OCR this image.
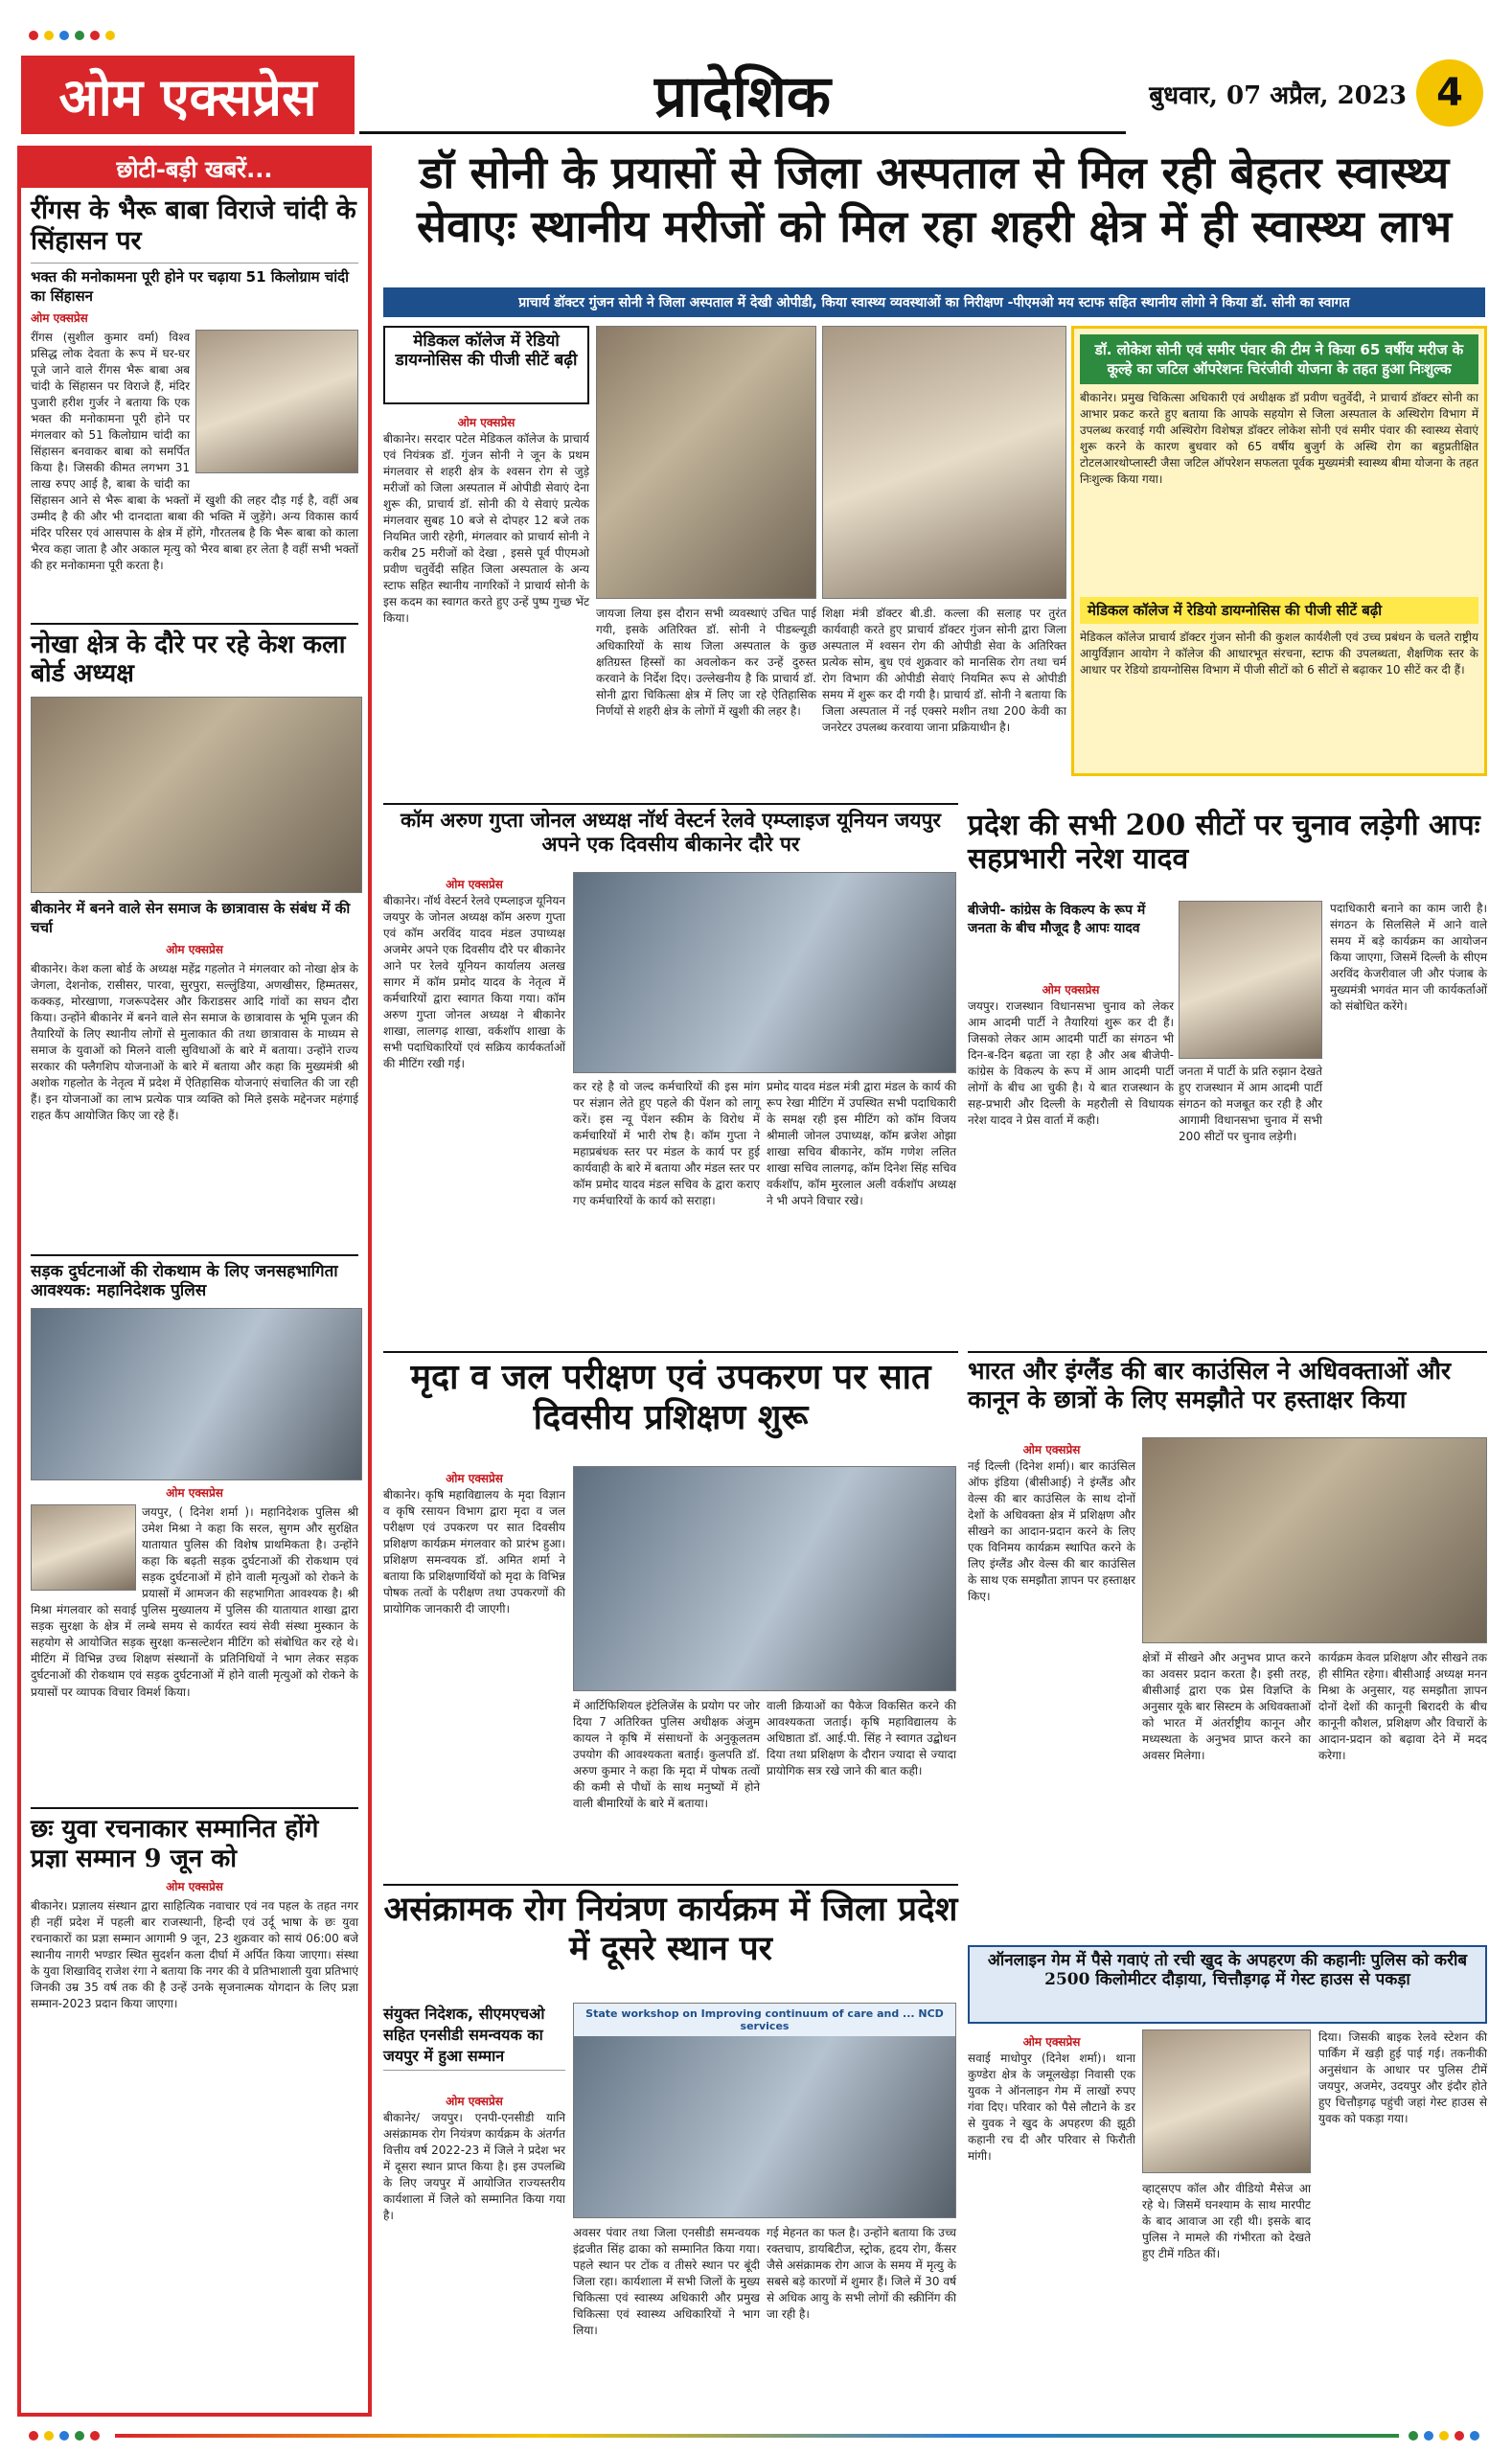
ओम एक्सप्रेस	प्रादेशिक	बुधवार, 07 अप्रैल, 2023 4
छोटी-बड़ी खबरें...
रींगस के भैरू बाबा विराजे चांदी के सिंहासन पर
भक्त की मनोकामना पूरी होने पर चढ़ाया 51 किलोग्राम चांदी का सिंहासन
ओम एक्सप्रेस
रींगस (सुशील कुमार वर्मा) विश्व प्रसिद्ध लोक देवता के रूप में घर-घर पूजे जाने वाले रींगस भैरू बाबा अब चांदी के सिंहासन पर विराजे हैं, मंदिर पुजारी हरीश गुर्जर ने बताया कि एक भक्त की मनोकामना पूरी होने पर मंगलवार को 51 किलोग्राम चांदी का सिंहासन बनवाकर बाबा को समर्पित किया है। जिसकी कीमत लगभग 31 लाख रुपए आई है, बाबा के चांदी का सिंहासन आने से भैरू बाबा के भक्तों में खुशी की लहर दौड़ गई है, वहीं अब उम्मीद है की और भी दानदाता बाबा की भक्ति में जुड़ेंगे। अन्य विकास कार्य मंदिर परिसर एवं आसपास के क्षेत्र में होंगे, गौरतलब है कि भैरू बाबा को काला भैरव कहा जाता है और अकाल मृत्यु को भैरव बाबा हर लेता है वहीं सभी भक्तों की हर मनोकामना पूरी करता है।
नोखा क्षेत्र के दौरे पर रहे केश कला बोर्ड अध्यक्ष
बीकानेर में बनने वाले सेन समाज के छात्रावास के संबंध में की चर्चा
ओम एक्सप्रेस
बीकानेर। केश कला बोर्ड के अध्यक्ष महेंद्र गहलोत ने मंगलवार को नोखा क्षेत्र के जेगला, देशनोक, रासीसर, पारवा, सुरपुरा, सल्लुंडिया, अणखीसर, हिम्मतसर, कक्कड़, मोरखाणा, गजरूपदेसर और किराडसर आदि गांवों का सघन दौरा किया। उन्होंने बीकानेर में बनने वाले सेन समाज के छात्रावास के भूमि पूजन की तैयारियों के लिए स्थानीय लोगों से मुलाकात की तथा छात्रावास के माध्यम से समाज के युवाओं को मिलने वाली सुविधाओं के बारे में बताया। उन्होंने राज्य सरकार की फ्लैगशिप योजनाओं के बारे में बताया और कहा कि मुख्यमंत्री श्री अशोक गहलोत के नेतृत्व में प्रदेश में ऐतिहासिक योजनाएं संचालित की जा रही हैं। इन योजनाओं का लाभ प्रत्येक पात्र व्यक्ति को मिले इसके मद्देनजर महंगाई राहत कैंप आयोजित किए जा रहे हैं।
सड़क दुर्घटनाओं की रोकथाम के लिए जनसहभागिता आवश्यक: महानिदेशक पुलिस
ओम एक्सप्रेस
जयपुर, ( दिनेश शर्मा )। महानिदेशक पुलिस श्री उमेश मिश्रा ने कहा कि सरल, सुगम और सुरक्षित यातायात पुलिस की विशेष प्राथमिकता है। उन्होंने कहा कि बढ़ती सड़क दुर्घटनाओं की रोकथाम एवं सड़क दुर्घटनाओं में होने वाली मृत्युओं को रोकने के प्रयासों में आमजन की सहभागिता आवश्यक है। श्री मिश्रा मंगलवार को सवाई पुलिस मुख्यालय में पुलिस की यातायात शाखा द्वारा सड़क सुरक्षा के क्षेत्र में लम्बे समय से कार्यरत स्वयं सेवी संस्था मुस्कान के सहयोग से आयोजित सड़क सुरक्षा कन्सल्टेशन मीटिंग को संबोधित कर रहे थे। मीटिंग में विभिन्न उच्च शिक्षण संस्थानों के प्रतिनिधियों ने भाग लेकर सड़क दुर्घटनाओं की रोकथाम एवं सड़क दुर्घटनाओं में होने वाली मृत्युओं को रोकने के प्रयासों पर व्यापक विचार विमर्श किया।
छः युवा रचनाकार सम्मानित होंगे प्रज्ञा सम्मान 9 जून को
ओम एक्सप्रेस
बीकानेर। प्रज्ञालय संस्थान द्वारा साहित्यिक नवाचार एवं नव पहल के तहत नगर ही नहीं प्रदेश में पहली बार राजस्थानी, हिन्दी एवं उर्दू भाषा के छः युवा रचनाकारों का प्रज्ञा सम्मान आगामी 9 जून, 23 शुक्रवार को सायं 06:00 बजे स्थानीय नागरी भण्डार स्थित सुदर्शन कला दीर्घा में अर्पित किया जाएगा। संस्था के युवा शिखाविद् राजेश रंगा ने बताया कि नगर की वे प्रतिभाशाली युवा प्रतिभाएं जिनकी उम्र 35 वर्ष तक की है उन्हें उनके सृजनात्मक योगदान के लिए प्रज्ञा सम्मान-2023 प्रदान किया जाएगा।
डॉ सोनी के प्रयासों से जिला अस्पताल से मिल रही बेहतर स्वास्थ्य सेवाएः स्थानीय मरीजों को मिल रहा शहरी क्षेत्र में ही स्वास्थ्य लाभ
प्राचार्य डॉक्टर गुंजन सोनी ने जिला अस्पताल में देखी ओपीडी, किया स्वास्थ्य व्यवस्थाओं का निरीक्षण -पीएमओ मय स्टाफ सहित स्थानीय लोगो ने किया डॉ. सोनी का स्वागत
मेडिकल कॉलेज में रेडियो डायग्नोसिस की पीजी सीटें बढ़ी
ओम एक्सप्रेस
बीकानेर। सरदार पटेल मेडिकल कॉलेज के प्राचार्य एवं नियंत्रक डॉ. गुंजन सोनी ने जून के प्रथम मंगलवार से शहरी क्षेत्र के श्वसन रोग से जुड़े मरीजों को जिला अस्पताल में ओपीडी सेवाएं देना शुरू की, प्राचार्य डॉ. सोनी की ये सेवाएं प्रत्येक मंगलवार सुबह 10 बजे से दोपहर 12 बजे तक नियमित जारी रहेगी, मंगलवार को प्राचार्य सोनी ने करीब 25 मरीजों को देखा , इससे पूर्व पीएमओ प्रवीण चतुर्वेदी सहित जिला अस्पताल के अन्य स्टाफ सहित स्थानीय नागरिकों ने प्राचार्य सोनी के इस कदम का स्वागत करते हुए उन्हें पुष्प गुच्छ भेंट किया।	जायजा लिया इस दौरान सभी व्यवस्थाएं उचित पाई गयी, इसके अतिरिक्त डॉ. सोनी ने पीडब्ल्यूडी अधिकारियों के साथ जिला अस्पताल के कुछ क्षतिग्रस्त हिस्सों का अवलोकन कर उन्हें दुरुस्त करवाने के निर्देश दिए। उल्लेखनीय है कि प्राचार्य डॉ. सोनी द्वारा चिकित्सा क्षेत्र में लिए जा रहे ऐतिहासिक निर्णयों से शहरी क्षेत्र के लोगों में खुशी की लहर है।
शिक्षा मंत्री डॉक्टर बी.डी. कल्ला की सलाह पर तुरंत कार्यवाही करते हुए प्राचार्य डॉक्टर गुंजन सोनी द्वारा जिला अस्पताल में श्वसन रोग की ओपीडी सेवा के अतिरिक्त प्रत्येक सोम, बुध एवं शुक्रवार को मानसिक रोग तथा चर्म रोग विभाग की ओपीडी सेवाएं नियमित रूप से ओपीडी समय में शुरू कर दी गयी है। प्राचार्य डॉ. सोनी ने बताया कि जिला अस्पताल में नई एक्सरे मशीन तथा 200 केवी का जनरेटर उपलब्ध करवाया जाना प्रक्रियाधीन है।
डॉ. लोकेश सोनी एवं समीर पंवार की टीम ने किया 65 वर्षीय मरीज के कूल्हे का जटिल ऑपरेशनः चिरंजीवी योजना के तहत हुआ निःशुल्क
बीकानेर। प्रमुख चिकित्सा अधिकारी एवं अधीक्षक डॉ प्रवीण चतुर्वेदी, ने प्राचार्य डॉक्टर सोनी का आभार प्रकट करते हुए बताया कि आपके सहयोग से जिला अस्पताल के अस्थिरोग विभाग में उपलब्ध करवाई गयी अस्थिरोग विशेषज्ञ डॉक्टर लोकेश सोनी एवं समीर पंवार की स्वास्थ्य सेवाएं शुरू करने के कारण बुधवार को 65 वर्षीय बुजुर्ग के अस्थि रोग का बहुप्रतीक्षित टोटलआरथोप्लास्टी जैसा जटिल ऑपरेशन सफलता पूर्वक मुख्यमंत्री स्वास्थ्य बीमा योजना के तहत निःशुल्क किया गया।
मेडिकल कॉलेज में रेडियो डायग्नोसिस की पीजी सीटें बढ़ी
मेडिकल कॉलेज प्राचार्य डॉक्टर गुंजन सोनी की कुशल कार्यशैली एवं उच्च प्रबंधन के चलते राष्ट्रीय आयुर्विज्ञान आयोग ने कॉलेज की आधारभूत संरचना, स्टाफ की उपलब्धता, शैक्षणिक स्तर के आधार पर रेडियो डायग्नोसिस विभाग में पीजी सीटों को 6 सीटों से बढ़ाकर 10 सीटें कर दी हैं।
कॉम अरुण गुप्ता जोनल अध्यक्ष नॉर्थ वेस्टर्न रेलवे एम्प्लाइज यूनियन जयपुर अपने एक दिवसीय बीकानेर दौरे पर
ओम एक्सप्रेस
बीकानेर। नॉर्थ वेस्टर्न रेलवे एम्प्लाइज यूनियन जयपुर के जोनल अध्यक्ष कॉम अरुण गुप्ता एवं कॉम अरविंद यादव मंडल उपाध्यक्ष अजमेर अपने एक दिवसीय दौरे पर बीकानेर आने पर रेलवे यूनियन कार्यालय अलख सागर में कॉम प्रमोद यादव के नेतृत्व में कर्मचारियों द्वारा स्वागत किया गया। कॉम अरुण गुप्ता जोनल अध्यक्ष ने बीकानेर शाखा, लालगढ़ शाखा, वर्कशॉप शाखा के सभी पदाधिकारियों एवं सक्रिय कार्यकर्ताओं की मीटिंग रखी गई।
कर रहे है वो जल्द कर्मचारियों की इस मांग पर संज्ञान लेते हुए पहले की पेंशन को लागू करें। इस न्यू पेंशन स्कीम के विरोध में कर्मचारियों में भारी रोष है। कॉम गुप्ता ने महाप्रबंधक स्तर पर मंडल के कार्य पर हुई कार्यवाही के बारे में बताया और मंडल स्तर पर कॉम प्रमोद यादव मंडल सचिव के द्वारा कराए गए कर्मचारियों के कार्य को सराहा।
प्रमोद यादव मंडल मंत्री द्वारा मंडल के कार्य की रूप रेखा मीटिंग में उपस्थित सभी पदाधिकारी के समक्ष रही इस मीटिंग को कॉम विजय श्रीमाली जोनल उपाध्यक्ष, कॉम ब्रजेश ओझा शाखा सचिव बीकानेर, कॉम गणेश ललित शाखा सचिव लालगढ़, कॉम दिनेश सिंह सचिव वर्कशॉप, कॉम मुरलाल अली वर्कशॉप अध्यक्ष ने भी अपने विचार रखे।
प्रदेश की सभी 200 सीटों पर चुनाव लड़ेगी आपः सहप्रभारी नरेश यादव
बीजेपी- कांग्रेस के विकल्प के रूप में जनता के बीच मौजूद है आपः यादव
ओम एक्सप्रेस
जयपुर। राजस्थान विधानसभा चुनाव को लेकर आम आदमी पार्टी ने तैयारियां शुरू कर दी हैं। जिसको लेकर आम आदमी पार्टी का संगठन भी दिन-ब-दिन बढ़ता जा रहा है और अब बीजेपी-कांग्रेस के विकल्प के रूप में आम आदमी पार्टी लोगों के बीच आ चुकी है। ये बात राजस्थान के सह-प्रभारी और दिल्ली के महरौली से विधायक नरेश यादव ने प्रेस वार्ता में कही।
जनता में पार्टी के प्रति रुझान देखते हुए राजस्थान में आम आदमी पार्टी संगठन को मजबूत कर रही है और आगामी विधानसभा चुनाव में सभी 200 सीटों पर चुनाव लड़ेगी।
पदाधिकारी बनाने का काम जारी है। संगठन के सिलसिले में आने वाले समय में बड़े कार्यक्रम का आयोजन किया जाएगा, जिसमें दिल्ली के सीएम अरविंद केजरीवाल जी और पंजाब के मुख्यमंत्री भगवंत मान जी कार्यकर्ताओं को संबोधित करेंगे।
मृदा व जल परीक्षण एवं उपकरण पर सात दिवसीय प्रशिक्षण शुरू
ओम एक्सप्रेस
बीकानेर। कृषि महाविद्यालय के मृदा विज्ञान व कृषि रसायन विभाग द्वारा मृदा व जल परीक्षण एवं उपकरण पर सात दिवसीय प्रशिक्षण कार्यक्रम मंगलवार को प्रारंभ हुआ। प्रशिक्षण समन्वयक डॉ. अमित शर्मा ने बताया कि प्रशिक्षणार्थियों को मृदा के विभिन्न पोषक तत्वों के परीक्षण तथा उपकरणों की प्रायोगिक जानकारी दी जाएगी।
में आर्टिफिशियल इंटेलिजेंस के प्रयोग पर जोर दिया 7 अतिरिक्त पुलिस अधीक्षक अंजुम कायल ने कृषि में संसाधनों के अनुकूलतम उपयोग की आवश्यकता बताई। कुलपति डॉ. अरुण कुमार ने कहा कि मृदा में पोषक तत्वों की कमी से पौधों के साथ मनुष्यों में होने वाली बीमारियों के बारे में बताया।
वाली क्रियाओं का पैकेज विकसित करने की आवश्यकता जताई। कृषि महाविद्यालय के अधिष्ठाता डॉ. आई.पी. सिंह ने स्वागत उद्बोधन दिया तथा प्रशिक्षण के दौरान ज्यादा से ज्यादा प्रायोगिक सत्र रखे जाने की बात कही।
भारत और इंग्लैंड की बार काउंसिल ने अधिवक्ताओं और कानून के छात्रों के लिए समझौते पर हस्ताक्षर किया
ओम एक्सप्रेस
नई दिल्ली (दिनेश शर्मा)। बार काउंसिल ऑफ इंडिया (बीसीआई) ने इंग्लैंड और वेल्स की बार काउंसिल के साथ दोनों देशों के अधिवक्ता क्षेत्र में प्रशिक्षण और सीखने का आदान-प्रदान करने के लिए एक विनिमय कार्यक्रम स्थापित करने के लिए इंग्लैंड और वेल्स की बार काउंसिल के साथ एक समझौता ज्ञापन पर हस्ताक्षर किए।
क्षेत्रों में सीखने और अनुभव प्राप्त करने का अवसर प्रदान करता है। इसी तरह, बीसीआई द्वारा एक प्रेस विज्ञप्ति के अनुसार यूके बार सिस्टम के अधिवक्ताओं को भारत में अंतर्राष्ट्रीय कानून और मध्यस्थता के अनुभव प्राप्त करने का अवसर मिलेगा।
कार्यक्रम केवल प्रशिक्षण और सीखने तक ही सीमित रहेगा। बीसीआई अध्यक्ष मनन मिश्रा के अनुसार, यह समझौता ज्ञापन दोनों देशों की कानूनी बिरादरी के बीच कानूनी कौशल, प्रशिक्षण और विचारों के आदान-प्रदान को बढ़ावा देने में मदद करेगा।
असंक्रामक रोग नियंत्रण कार्यक्रम में जिला प्रदेश में दूसरे स्थान पर
संयुक्त निदेशक, सीएमएचओ सहित एनसीडी समन्वयक का जयपुर में हुआ सम्मान
ओम एक्सप्रेस
बीकानेर/ जयपुर। एनपी-एनसीडी यानि असंक्रामक रोग नियंत्रण कार्यक्रम के अंतर्गत वित्तीय वर्ष 2022-23 में जिले ने प्रदेश भर में दूसरा स्थान प्राप्त किया है। इस उपलब्धि के लिए जयपुर में आयोजित राज्यस्तरीय कार्यशाला में जिले को सम्मानित किया गया है।
State workshop on Improving continuum of care and ... NCD services
अवसर पंवार तथा जिला एनसीडी समन्वयक इंद्रजीत सिंह ढाका को सम्मानित किया गया। पहले स्थान पर टोंक व तीसरे स्थान पर बूंदी जिला रहा। कार्यशाला में सभी जिलों के मुख्य चिकित्सा एवं स्वास्थ्य अधिकारी और प्रमुख चिकित्सा एवं स्वास्थ्य अधिकारियों ने भाग लिया।
गई मेहनत का फल है। उन्होंने बताया कि उच्च रक्तचाप, डायबिटीज, स्ट्रोक, हृदय रोग, कैंसर जैसे असंक्रामक रोग आज के समय में मृत्यु के सबसे बड़े कारणों में शुमार हैं। जिले में 30 वर्ष से अधिक आयु के सभी लोगों की स्क्रीनिंग की जा रही है।
ऑनलाइन गेम में पैसे गवाएं तो रची खुद के अपहरण की कहानीः पुलिस को करीब 2500 किलोमीटर दौड़ाया, चित्तौड़गढ़ में गेस्ट हाउस से पकड़ा
ओम एक्सप्रेस
सवाई माधोपुर (दिनेश शर्मा)। थाना कुण्डेरा क्षेत्र के जमूलखेड़ा निवासी एक युवक ने ऑनलाइन गेम में लाखों रुपए गंवा दिए। परिवार को पैसे लौटाने के डर से युवक ने खुद के अपहरण की झूठी कहानी रच दी और परिवार से फिरौती मांगी।
व्हाट्सएप कॉल और वीडियो मैसेज आ रहे थे। जिसमें घनश्याम के साथ मारपीट के बाद आवाज आ रही थी। इसके बाद पुलिस ने मामले की गंभीरता को देखते हुए टीमें गठित कीं।
दिया। जिसकी बाइक रेलवे स्टेशन की पार्किंग में खड़ी हुई पाई गई। तकनीकी अनुसंधान के आधार पर पुलिस टीमें जयपुर, अजमेर, उदयपुर और इंदौर होते हुए चित्तौड़गढ़ पहुंची जहां गेस्ट हाउस से युवक को पकड़ा गया।
